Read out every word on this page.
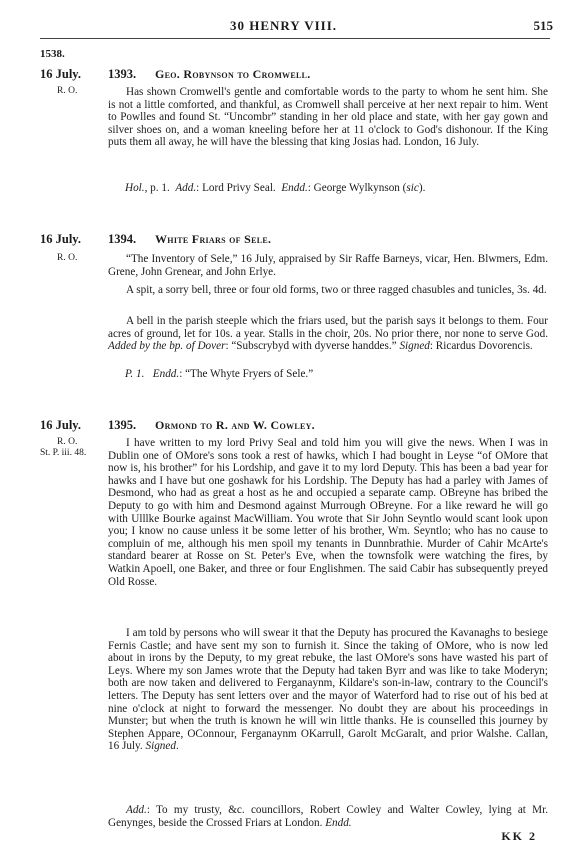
30 HENRY VIII.	515
1538.
16 July. 1393. Geo. Robynson to Cromwell.
R. O.	Has shown Cromwell's gentle and comfortable words to the party to whom he sent him. She is not a little comforted, and thankful, as Cromwell shall perceive at her next repair to him. Went to Powlles and found St. “Uncombr” standing in her old place and state, with her gay gown and silver shoes on, and a woman kneeling before her at 11 o'clock to God's dishonour. If the King puts them all away, he will have the blessing that king Josias had. London, 16 July.

Hol., p. 1. Add.: Lord Privy Seal. Endd.: George Wylkynson (sic).

16 July. 1394. White Friars of Sele.
R. O.	“The Inventory of Sele,” 16 July, appraised by Sir Raffe Barneys, vicar, Hen. Blwmers, Edm. Grene, John Grenear, and John Erlye.

A spit, a sorry bell, three or four old forms, two or three ragged chasubles and tunicles, 3s. 4d.

A bell in the parish steeple which the friars used, but the parish says it belongs to them. Four acres of ground, let for 10s. a year. Stalls in the choir, 20s. No prior there, nor none to serve God. Added by the bp. of Dover: “Subscrybyd with dyverse handdes.” Signed: Ricardus Dovorencis.

P. 1. Endd.: “The Whyte Fryers of Sele.”

16 July. 1395. Ormond to R. and W. Cowley.
R. O.
St. P. iii. 48.

I have written to my lord Privy Seal and told him you will give the news. When I was in Dublin one of OMore's sons took a rest of hawks, which I had bought in Leyse “of OMore that now is, his brother” for his Lordship, and gave it to my lord Deputy. This has been a bad year for hawks and I have but one goshawk for his Lordship. The Deputy has had a parley with James of Desmond, who had as great a host as he and occupied a separate camp. OBreyne has bribed the Deputy to go with him and Desmond against Murrough OBreyne. For a like reward he will go with Ulllke Bourke against MacWilliam. You wrote that Sir John Seyntlo would scant look upon you; I know no cause unless it be some letter of his brother, Wm. Seyntlo; who has no cause to compluin of me, although his men spoil my tenants in Dunnbrathie. Murder of Cahir McArte's standard bearer at Rosse on St. Peter's Eve, when the townsfolk were watching the fires, by Watkin Apoell, one Baker, and three or four Englishmen. The said Cabir has subsequently preyed Old Rosse.

I am told by persons who will swear it that the Deputy has procured the Kavanaghs to besiege Fernis Castle; and have sent my son to furnish it. Since the taking of OMore, who is now led about in irons by the Deputy, to my great rebuke, the last OMore's sons have wasted his part of Leys. Where my son James wrote that the Deputy had taken Byrr and was like to take Moderyn; both are now taken and delivered to Ferganaynm, Kildare's son-in-law, contrary to the Council's letters. The Deputy has sent letters over and the mayor of Waterford had to rise out of his bed at nine o'clock at night to forward the messenger. No doubt they are about his proceedings in Munster; but when the truth is known he will win little thanks. He is counselled this journey by Stephen Appare, OConnour, Ferganaynm OKarrull, Garolt McGaralt, and prior Walshe. Callan, 16 July. Signed.

Add.: To my trusty, &c. councillors, Robert Cowley and Walter Cowley, lying at Mr. Genynges, beside the Crossed Friars at London. Endd.

KK 2
